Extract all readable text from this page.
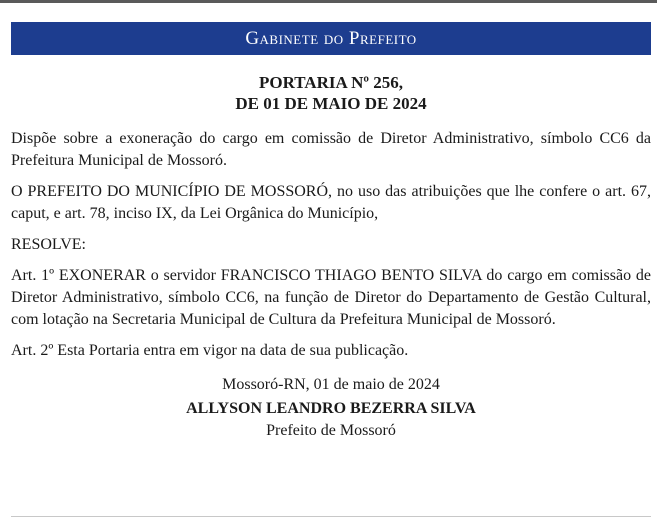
Gabinete do Prefeito

PORTARIA Nº 256,

DE 01 DE MAIO DE 2024

Dispõe sobre a exoneração do cargo em comissão de Diretor Administrativo, símbolo CC6 da Prefeitura Municipal de Mossoró.

O PREFEITO DO MUNICÍPIO DE MOSSORÓ, no uso das atribuições que lhe confere o art. 67, caput, e art. 78, inciso IX, da Lei Orgânica do Município,

RESOLVE:

Art. 1º EXONERAR o servidor FRANCISCO THIAGO BENTO SILVA do cargo em comissão de Diretor Administrativo, símbolo CC6, na função de Diretor do Departamento de Gestão Cultural, com lotação na Secretaria Municipal de Cultura da Prefeitura Municipal de Mossoró.

Art. 2º Esta Portaria entra em vigor na data de sua publicação.

Mossoró-RN, 01 de maio de 2024

ALLYSON LEANDRO BEZERRA SILVA

Prefeito de Mossoró
